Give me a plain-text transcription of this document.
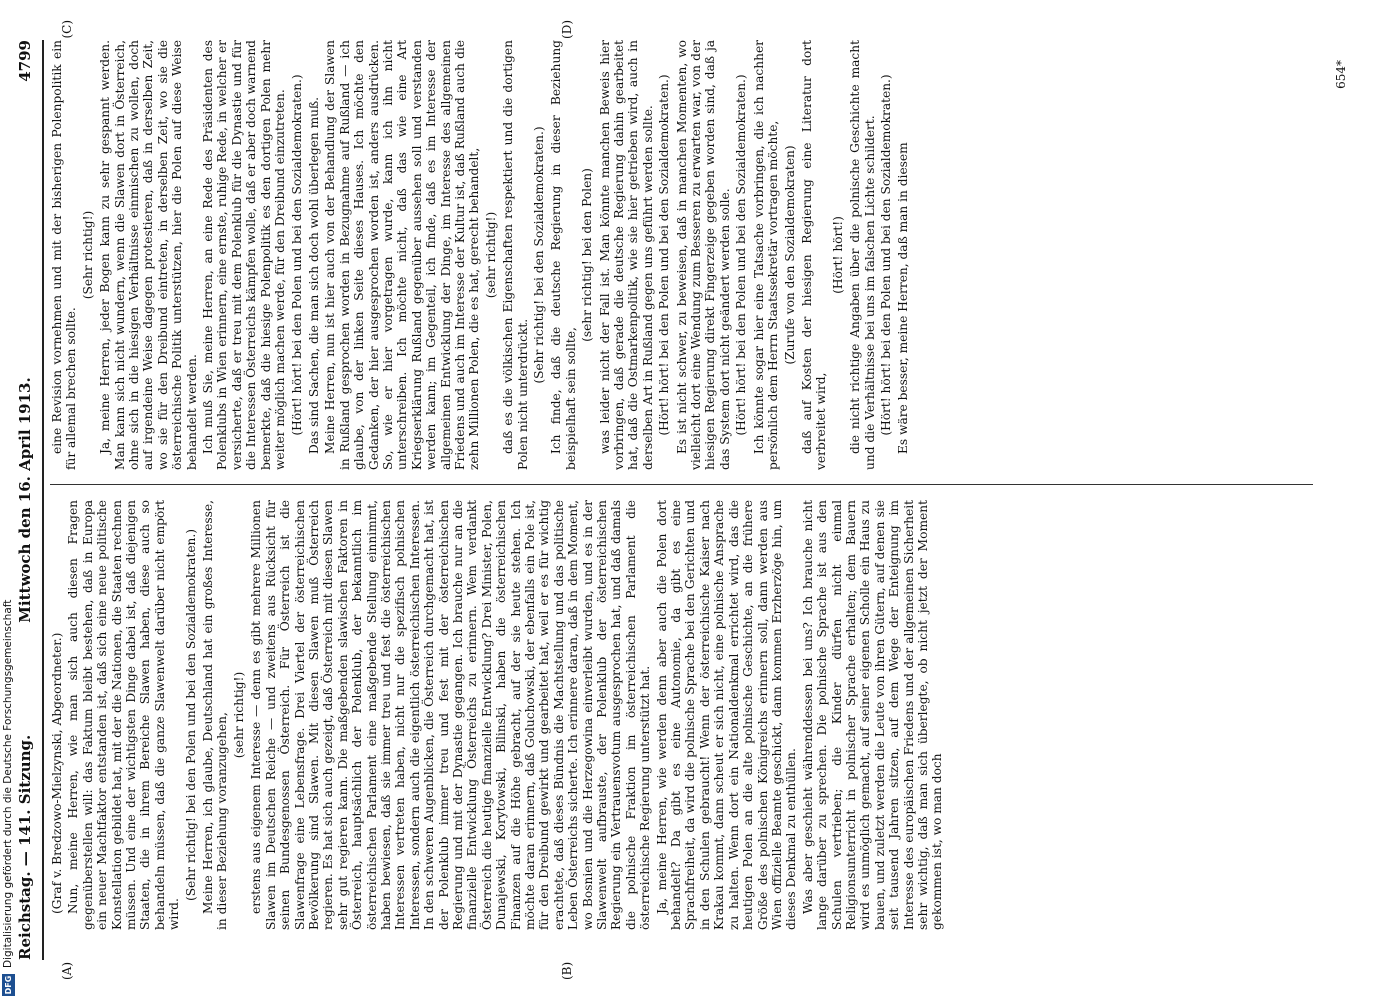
Reichstag. — 141. Sitzung.
Mittwoch den 16. April 1913.
4799
(A)	(B)
(C)	(D)

(Graf v. Bredzowo-Mielzynski, Abgeordneter.) Nun, meine Herren, wie man sich auch diesen Fragen gegenüberstellen will: das Faktum bleibt bestehen, daß in Europa ein neuer Machtfaktor entstanden ist, daß sich eine neue politische Konstellation gebildet hat, mit der die Nationen, die Staaten rechnen müssen. Und eine der wichtigsten Dinge dabei ist, daß diejenigen Staaten, die in ihrem Bereiche Slawen haben, diese auch so behandeln müssen, daß die ganze Slawenwelt darüber nicht empört wird.

(Sehr richtig! bei den Polen und bei den Sozialdemokraten.) Meine Herren, ich glaube, Deutschland hat ein großes Interesse, in dieser Beziehung voranzugehen, (sehr richtig!) erstens aus eigenem Interesse — denn es gibt mehrere Millionen Slawen im Deutschen Reiche — und zweitens aus Rücksicht für seinen Bundesgenossen Österreich. Für Österreich ist die Slawenfrage eine Lebensfrage. Drei Viertel der österreichischen Bevölkerung sind Slawen. Mit diesen Slawen muß Österreich regieren. Es hat sich auch gezeigt, daß Österreich mit diesen Slawen sehr gut regieren kann. Die maßgebenden slawischen Faktoren in Österreich, hauptsächlich der Polenklub, der bekanntlich im österreichischen Parlament eine maßgebende Stellung einnimmt, haben bewiesen, daß sie immer treu und fest die österreichischen Interessen vertreten haben, nicht nur die spezifisch polnischen Interessen, sondern auch die eigentlich österreichischen Interessen. In den schweren Augenblicken, die Österreich durchgemacht hat, ist der Polenklub immer treu und fest mit der österreichischen Regierung und mit der Dynastie gegangen. Ich brauche nur an die finanzielle Entwicklung Österreichs zu erinnern. Wem verdankt Österreich die heutige finanzielle Entwicklung? Drei Minister, Polen, Dunajewski, Korytowski, Bilinski, haben die österreichischen Finanzen auf die Höhe gebracht, auf der sie heute stehen. Ich möchte daran erinnern, daß Goluchowski, der ebenfalls ein Pole ist, für den Dreibund gewirkt und gearbeitet hat, weil er es für wichtig erachtete, daß dieses Bündnis die Machtstellung und das politische Leben Österreichs sicherte. Ich erinnere daran, daß in dem Moment, wo Bosnien und die Herzegowina einverleibt wurden, und es in der Slawenwelt aufbrauste, der Polenklub der österreichischen Regierung ein Vertrauensvotum ausgesprochen hat, und daß damals die polnische Fraktion im österreichischen Parlament die österreichische Regierung unterstützt hat. Ja, meine Herren, wie werden denn aber auch die Polen dort behandelt? Da gibt es eine Autonomie, da gibt es eine Sprachfreiheit, da wird die polnische Sprache bei den Gerichten und in den Schulen gebraucht! Wenn der österreichische Kaiser nach Krakau kommt, dann scheut er sich nicht, eine polnische Ansprache zu halten. Wenn dort ein Nationaldenkmal errichtet wird, das die heutigen Polen an die alte polnische Geschichte, an die frühere Größe des polnischen Königreichs erinnern soll, dann werden aus Wien offizielle Beamte geschickt, dann kommen Erzherzöge hin, um dieses Denkmal zu enthüllen. Was aber geschieht währenddessen bei uns? Ich brauche nicht lange darüber zu sprechen. Die polnische Sprache ist aus den Schulen vertrieben; die Kinder dürfen nicht einmal Religionsunterricht in polnischer Sprache erhalten; dem Bauern wird es unmöglich gemacht, auf seiner eigenen Scholle ein Haus zu bauen, und zuletzt werden die Leute von ihren Gütern, auf denen sie seit tausend Jahren sitzen, auf dem Wege der Enteignung im Interesse des europäischen Friedens und der allgemeinen Sicherheit sehr wichtig, daß man sich überlegte, ob nicht jetzt der Moment gekommen ist, wo man doch

eine Revision vornehmen und mit der bisherigen Polenpolitik ein für allemal brechen sollte.

(Sehr richtig!) Ja, meine Herren, jeder Bogen kann zu sehr gespannt werden. Man kann sich nicht wundern, wenn die Slawen dort in Österreich, ohne sich in die hiesigen Verhältnisse einmischen zu wollen, doch auf irgendeine Weise dagegen protestieren, daß in derselben Zeit, wo sie für den Dreibund eintreten, in derselben Zeit, wo sie die österreichische Politik unterstützen, hier die Polen auf diese Weise behandelt werden. Ich muß Sie, meine Herren, an eine Rede des Präsidenten des Polenklubs in Wien erinnern, eine ernste, ruhige Rede, in welcher er versicherte, daß er treu mit dem Polenklub für die Dynastie und für die Interessen Österreichs kämpfen wolle, daß er aber doch warnend bemerkte, daß die hiesige Polenpolitik es den dortigen Polen mehr weiter möglich machen werde, für den Dreibund einzutreten. (Hört! hört! bei den Polen und bei den Sozialdemokraten.) Das sind Sachen, die man sich doch wohl überlegen muß. Meine Herren, nun ist hier auch von der Behandlung der Slawen in Rußland gesprochen worden in Bezugnahme auf Rußland — ich glaube, von der linken Seite dieses Hauses. Ich möchte den Gedanken, der hier ausgesprochen worden ist, anders ausdrücken. So, wie er hier vorgetragen wurde, kann ich ihn nicht unterschreiben. Ich möchte nicht, daß das wie eine Art Kriegserklärung Rußland gegenüber aussehen soll und verstanden werden kann; im Gegenteil, ich finde, daß es im Interesse der allgemeinen Entwicklung der Dinge, im Interesse des allgemeinen Friedens und auch im Interesse der Kultur ist, daß Rußland auch die zehn Millionen Polen, die es hat, gerecht behandelt, (sehr richtig!) daß es die völkischen Eigenschaften respektiert und die dortigen Polen nicht unterdrückt.

(Sehr richtig! bei den Sozialdemokraten.) Ich finde, daß die deutsche Regierung in dieser Beziehung beispielhaft sein sollte,

(sehr richtig! bei den Polen) was leider nicht der Fall ist. Man könnte manchen Beweis hier vorbringen, daß gerade die deutsche Regierung dahin gearbeitet hat, daß die Ostmarkenpolitik, wie sie hier getrieben wird, auch in derselben Art in Rußland gegen uns geführt werden sollte. (Hört! hört! bei den Polen und bei den Sozialdemokraten.) Es ist nicht schwer, zu beweisen, daß in manchen Momenten, wo vielleicht dort eine Wendung zum Besseren zu erwarten war, von der hiesigen Regierung direkt Fingerzeige gegeben worden sind, daß ja das System dort nicht geändert werden solle. (Hört! hört! bei den Polen und bei den Sozialdemokraten.) Ich könnte sogar hier eine Tatsache vorbringen, die ich nachher persönlich dem Herrn Staatssekretär vortragen möchte, (Zurufe von den Sozialdemokraten) daß auf Kosten der hiesigen Regierung eine Literatur dort verbreitet wird,

(Hört! hört!) die nicht richtige Angaben über die polnische Geschichte macht und die Verhältnisse bei uns im falschen Lichte schildert. (Hört! hört! bei den Polen und bei den Sozialdemokraten.) Es wäre besser, meine Herren, daß man in diesem

654*
DFG
Digitalisierung gefördert durch die Deutsche Forschungsgemeinschaft
